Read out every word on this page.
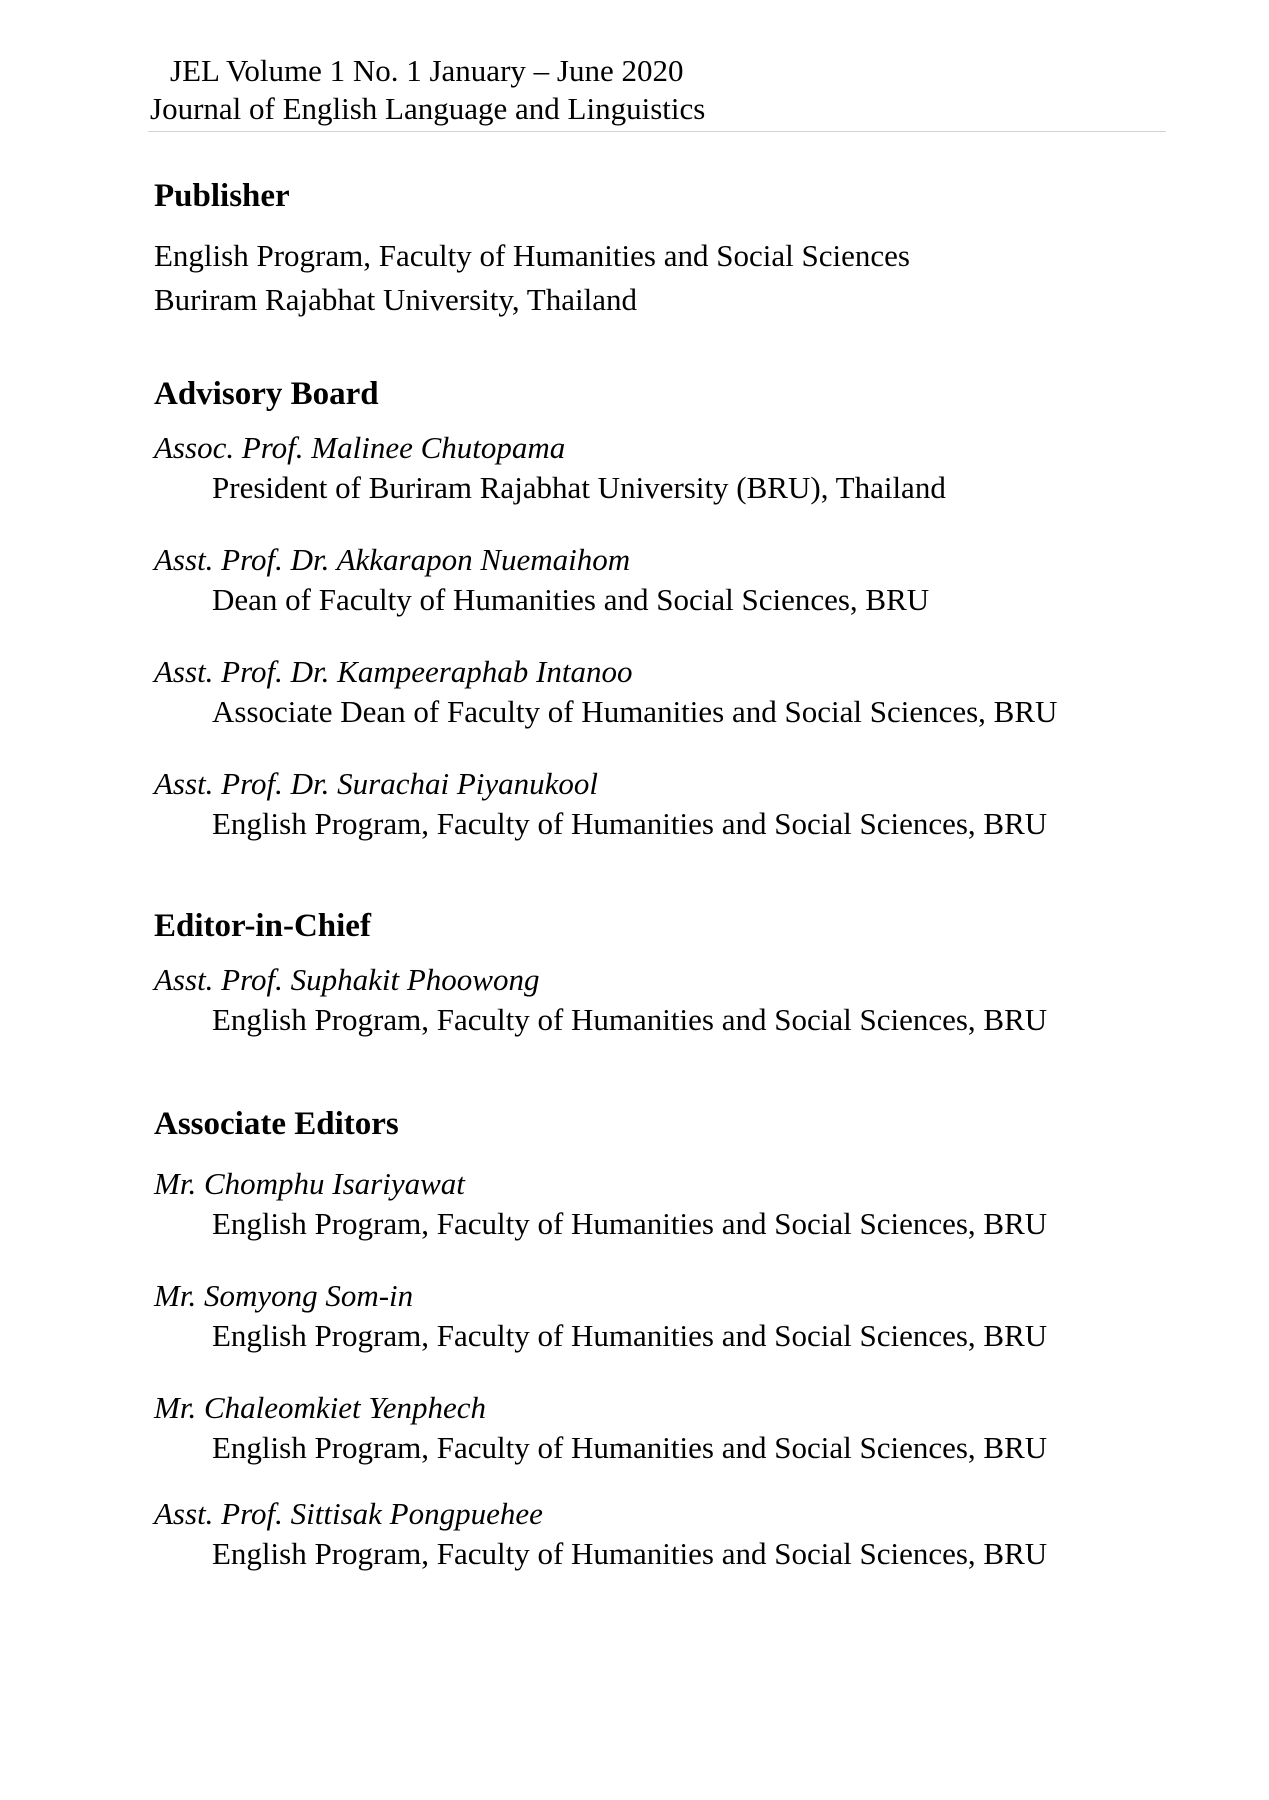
JEL Volume 1 No. 1 January – June 2020
Journal of English Language and Linguistics
Publisher
English Program, Faculty of Humanities and Social Sciences
Buriram Rajabhat University, Thailand
Advisory Board
Assoc. Prof. Malinee Chutopama
President of Buriram Rajabhat University (BRU), Thailand
Asst. Prof. Dr. Akkarapon Nuemaihom
Dean of Faculty of Humanities and Social Sciences, BRU
Asst. Prof. Dr. Kampeeraphab Intanoo
Associate Dean of Faculty of Humanities and Social Sciences, BRU
Asst. Prof. Dr. Surachai Piyanukool
English Program, Faculty of Humanities and Social Sciences, BRU
Editor-in-Chief
Asst. Prof. Suphakit Phoowong
English Program, Faculty of Humanities and Social Sciences, BRU
Associate Editors
Mr. Chomphu Isariyawat
English Program, Faculty of Humanities and Social Sciences, BRU
Mr. Somyong Som-in
English Program, Faculty of Humanities and Social Sciences, BRU
Mr. Chaleomkiet Yenphech
English Program, Faculty of Humanities and Social Sciences, BRU
Asst. Prof. Sittisak Pongpuehee
English Program, Faculty of Humanities and Social Sciences, BRU
